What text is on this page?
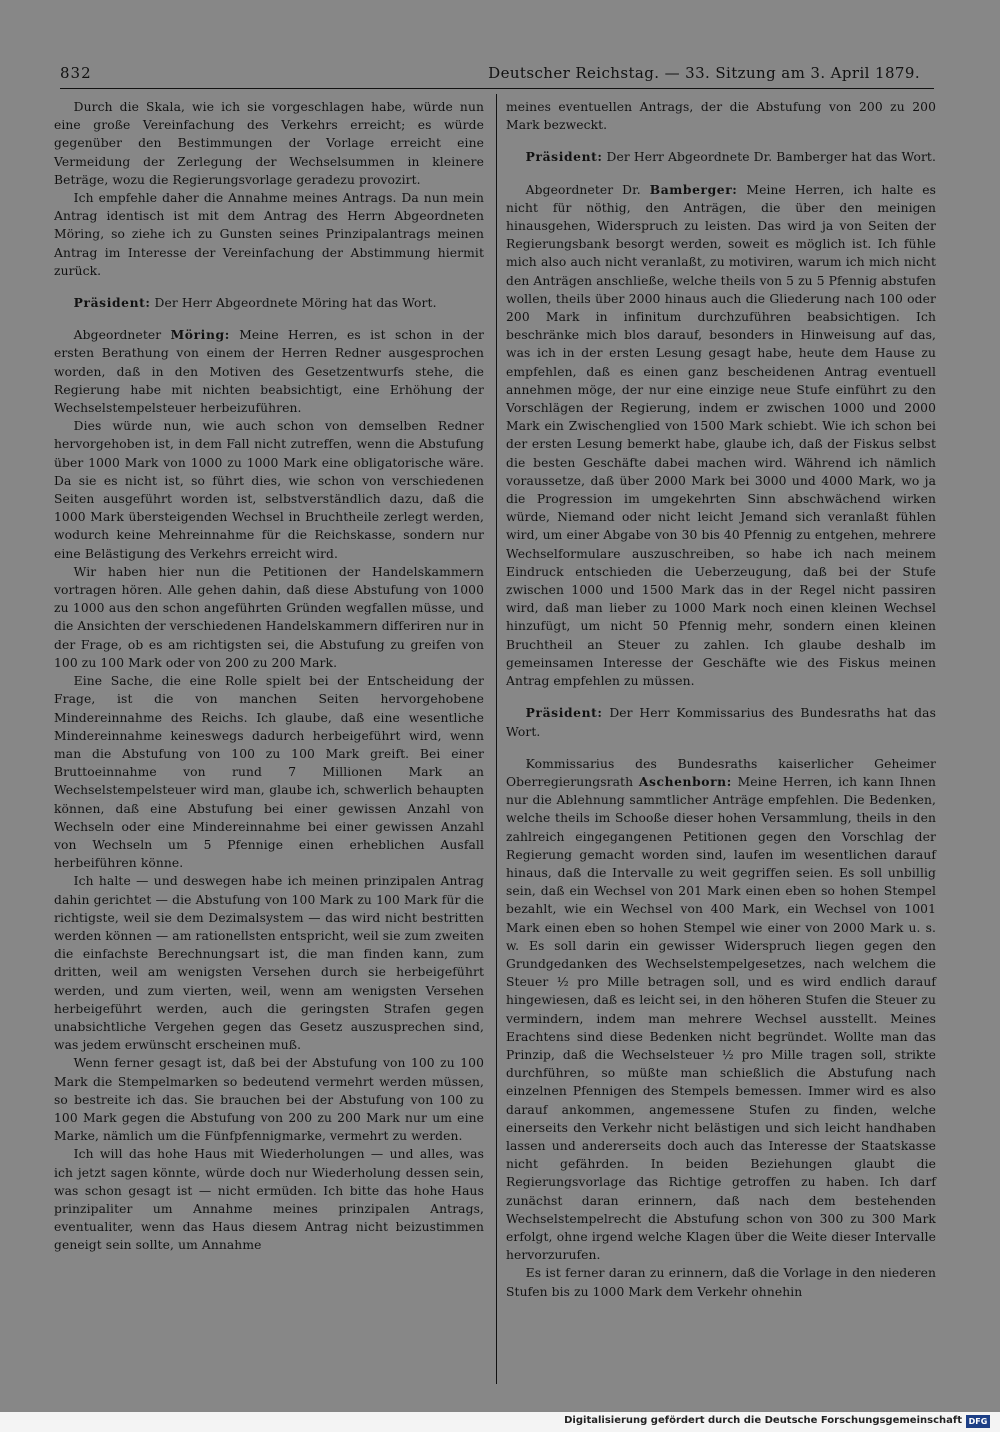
832	Deutscher Reichstag. — 33. Sitzung am 3. April 1879.

Durch die Skala, wie ich sie vorgeschlagen habe, würde nun eine große Vereinfachung des Verkehrs erreicht; es würde gegenüber den Bestimmungen der Vorlage erreicht eine Vermeidung der Zerlegung der Wechselsummen in kleinere Beträge, wozu die Regierungsvorlage geradezu provozirt.

Ich empfehle daher die Annahme meines Antrags. Da nun mein Antrag identisch ist mit dem Antrag des Herrn Abgeordneten Möring, so ziehe ich zu Gunsten seines Prinzipalantrags meinen Antrag im Interesse der Vereinfachung der Abstimmung hiermit zurück.

Präsident: Der Herr Abgeordnete Möring hat das Wort.

Abgeordneter Möring: Meine Herren, es ist schon in der ersten Berathung von einem der Herren Redner ausgesprochen worden, daß in den Motiven des Gesetzentwurfs stehe, die Regierung habe mit nichten beabsichtigt, eine Erhöhung der Wechselstempelsteuer herbeizuführen.

Dies würde nun, wie auch schon von demselben Redner hervorgehoben ist, in dem Fall nicht zutreffen, wenn die Abstufung über 1000 Mark von 1000 zu 1000 Mark eine obligatorische wäre. Da sie es nicht ist, so führt dies, wie schon von verschiedenen Seiten ausgeführt worden ist, selbstverständlich dazu, daß die 1000 Mark übersteigenden Wechsel in Bruchtheile zerlegt werden, wodurch keine Mehreinnahme für die Reichskasse, sondern nur eine Belästigung des Verkehrs erreicht wird.

Wir haben hier nun die Petitionen der Handelskammern vortragen hören. Alle gehen dahin, daß diese Abstufung von 1000 zu 1000 aus den schon angeführten Gründen wegfallen müsse, und die Ansichten der verschiedenen Handelskammern differiren nur in der Frage, ob es am richtigsten sei, die Abstufung zu greifen von 100 zu 100 Mark oder von 200 zu 200 Mark.

Eine Sache, die eine Rolle spielt bei der Entscheidung der Frage, ist die von manchen Seiten hervorgehobene Mindereinnahme des Reichs. Ich glaube, daß eine wesentliche Mindereinnahme keineswegs dadurch herbeigeführt wird, wenn man die Abstufung von 100 zu 100 Mark greift. Bei einer Bruttoeinnahme von rund 7 Millionen Mark an Wechselstempelsteuer wird man, glaube ich, schwerlich behaupten können, daß eine Abstufung bei einer gewissen Anzahl von Wechseln oder eine Mindereinnahme bei einer gewissen Anzahl von Wechseln um 5 Pfennige einen erheblichen Ausfall herbeiführen könne.

Ich halte — und deswegen habe ich meinen prinzipalen Antrag dahin gerichtet — die Abstufung von 100 Mark zu 100 Mark für die richtigste, weil sie dem Dezimalsystem — das wird nicht bestritten werden können — am rationellsten entspricht, weil sie zum zweiten die einfachste Berechnungsart ist, die man finden kann, zum dritten, weil am wenigsten Versehen durch sie herbeigeführt werden, und zum vierten, weil, wenn am wenigsten Versehen herbeigeführt werden, auch die geringsten Strafen gegen unabsichtliche Vergehen gegen das Gesetz auszusprechen sind, was jedem erwünscht erscheinen muß.

Wenn ferner gesagt ist, daß bei der Abstufung von 100 zu 100 Mark die Stempelmarken so bedeutend vermehrt werden müssen, so bestreite ich das. Sie brauchen bei der Abstufung von 100 zu 100 Mark gegen die Abstufung von 200 zu 200 Mark nur um eine Marke, nämlich um die Fünfpfennigmarke, vermehrt zu werden.

Ich will das hohe Haus mit Wiederholungen — und alles, was ich jetzt sagen könnte, würde doch nur Wiederholung dessen sein, was schon gesagt ist — nicht ermüden. Ich bitte das hohe Haus prinzipaliter um Annahme meines prinzipalen Antrags, eventualiter, wenn das Haus diesem Antrag nicht beizustimmen geneigt sein sollte, um Annahme

meines eventuellen Antrags, der die Abstufung von 200 zu 200 Mark bezweckt.

Präsident: Der Herr Abgeordnete Dr. Bamberger hat das Wort.

Abgeordneter Dr. Bamberger: Meine Herren, ich halte es nicht für nöthig, den Anträgen, die über den meinigen hinausgehen, Widerspruch zu leisten. Das wird ja von Seiten der Regierungsbank besorgt werden, soweit es möglich ist. Ich fühle mich also auch nicht veranlaßt, zu motiviren, warum ich mich nicht den Anträgen anschließe, welche theils von 5 zu 5 Pfennig abstufen wollen, theils über 2000 hinaus auch die Gliederung nach 100 oder 200 Mark in infinitum durchzuführen beabsichtigen. Ich beschränke mich blos darauf, besonders in Hinweisung auf das, was ich in der ersten Lesung gesagt habe, heute dem Hause zu empfehlen, daß es einen ganz bescheidenen Antrag eventuell annehmen möge, der nur eine einzige neue Stufe einführt zu den Vorschlägen der Regierung, indem er zwischen 1000 und 2000 Mark ein Zwischenglied von 1500 Mark schiebt. Wie ich schon bei der ersten Lesung bemerkt habe, glaube ich, daß der Fiskus selbst die besten Geschäfte dabei machen wird. Während ich nämlich voraussetze, daß über 2000 Mark bei 3000 und 4000 Mark, wo ja die Progression im umgekehrten Sinn abschwächend wirken würde, Niemand oder nicht leicht Jemand sich veranlaßt fühlen wird, um einer Abgabe von 30 bis 40 Pfennig zu entgehen, mehrere Wechselformulare auszuschreiben, so habe ich nach meinem Eindruck entschieden die Ueberzeugung, daß bei der Stufe zwischen 1000 und 1500 Mark das in der Regel nicht passiren wird, daß man lieber zu 1000 Mark noch einen kleinen Wechsel hinzufügt, um nicht 50 Pfennig mehr, sondern einen kleinen Bruchtheil an Steuer zu zahlen. Ich glaube deshalb im gemeinsamen Interesse der Geschäfte wie des Fiskus meinen Antrag empfehlen zu müssen.

Präsident: Der Herr Kommissarius des Bundesraths hat das Wort.

Kommissarius des Bundesraths kaiserlicher Geheimer Oberregierungsrath Aschenborn: Meine Herren, ich kann Ihnen nur die Ablehnung sammtlicher Anträge empfehlen. Die Bedenken, welche theils im Schooße dieser hohen Versammlung, theils in den zahlreich eingegangenen Petitionen gegen den Vorschlag der Regierung gemacht worden sind, laufen im wesentlichen darauf hinaus, daß die Intervalle zu weit gegriffen seien. Es soll unbillig sein, daß ein Wechsel von 201 Mark einen eben so hohen Stempel bezahlt, wie ein Wechsel von 400 Mark, ein Wechsel von 1001 Mark einen eben so hohen Stempel wie einer von 2000 Mark u. s. w. Es soll darin ein gewisser Widerspruch liegen gegen den Grundgedanken des Wechselstempelgesetzes, nach welchem die Steuer ½ pro Mille betragen soll, und es wird endlich darauf hingewiesen, daß es leicht sei, in den höheren Stufen die Steuer zu vermindern, indem man mehrere Wechsel ausstellt. Meines Erachtens sind diese Bedenken nicht begründet. Wollte man das Prinzip, daß die Wechselsteuer ½ pro Mille tragen soll, strikte durchführen, so müßte man schießlich die Abstufung nach einzelnen Pfennigen des Stempels bemessen. Immer wird es also darauf ankommen, angemessene Stufen zu finden, welche einerseits den Verkehr nicht belästigen und sich leicht handhaben lassen und andererseits doch auch das Interesse der Staatskasse nicht gefährden. In beiden Beziehungen glaubt die Regierungsvorlage das Richtige getroffen zu haben. Ich darf zunächst daran erinnern, daß nach dem bestehenden Wechselstempelrecht die Abstufung schon von 300 zu 300 Mark erfolgt, ohne irgend welche Klagen über die Weite dieser Intervalle hervorzurufen.

Es ist ferner daran zu erinnern, daß die Vorlage in den niederen Stufen bis zu 1000 Mark dem Verkehr ohnehin

Digitalisierung gefördert durch die Deutsche Forschungsgemeinschaft DFG
